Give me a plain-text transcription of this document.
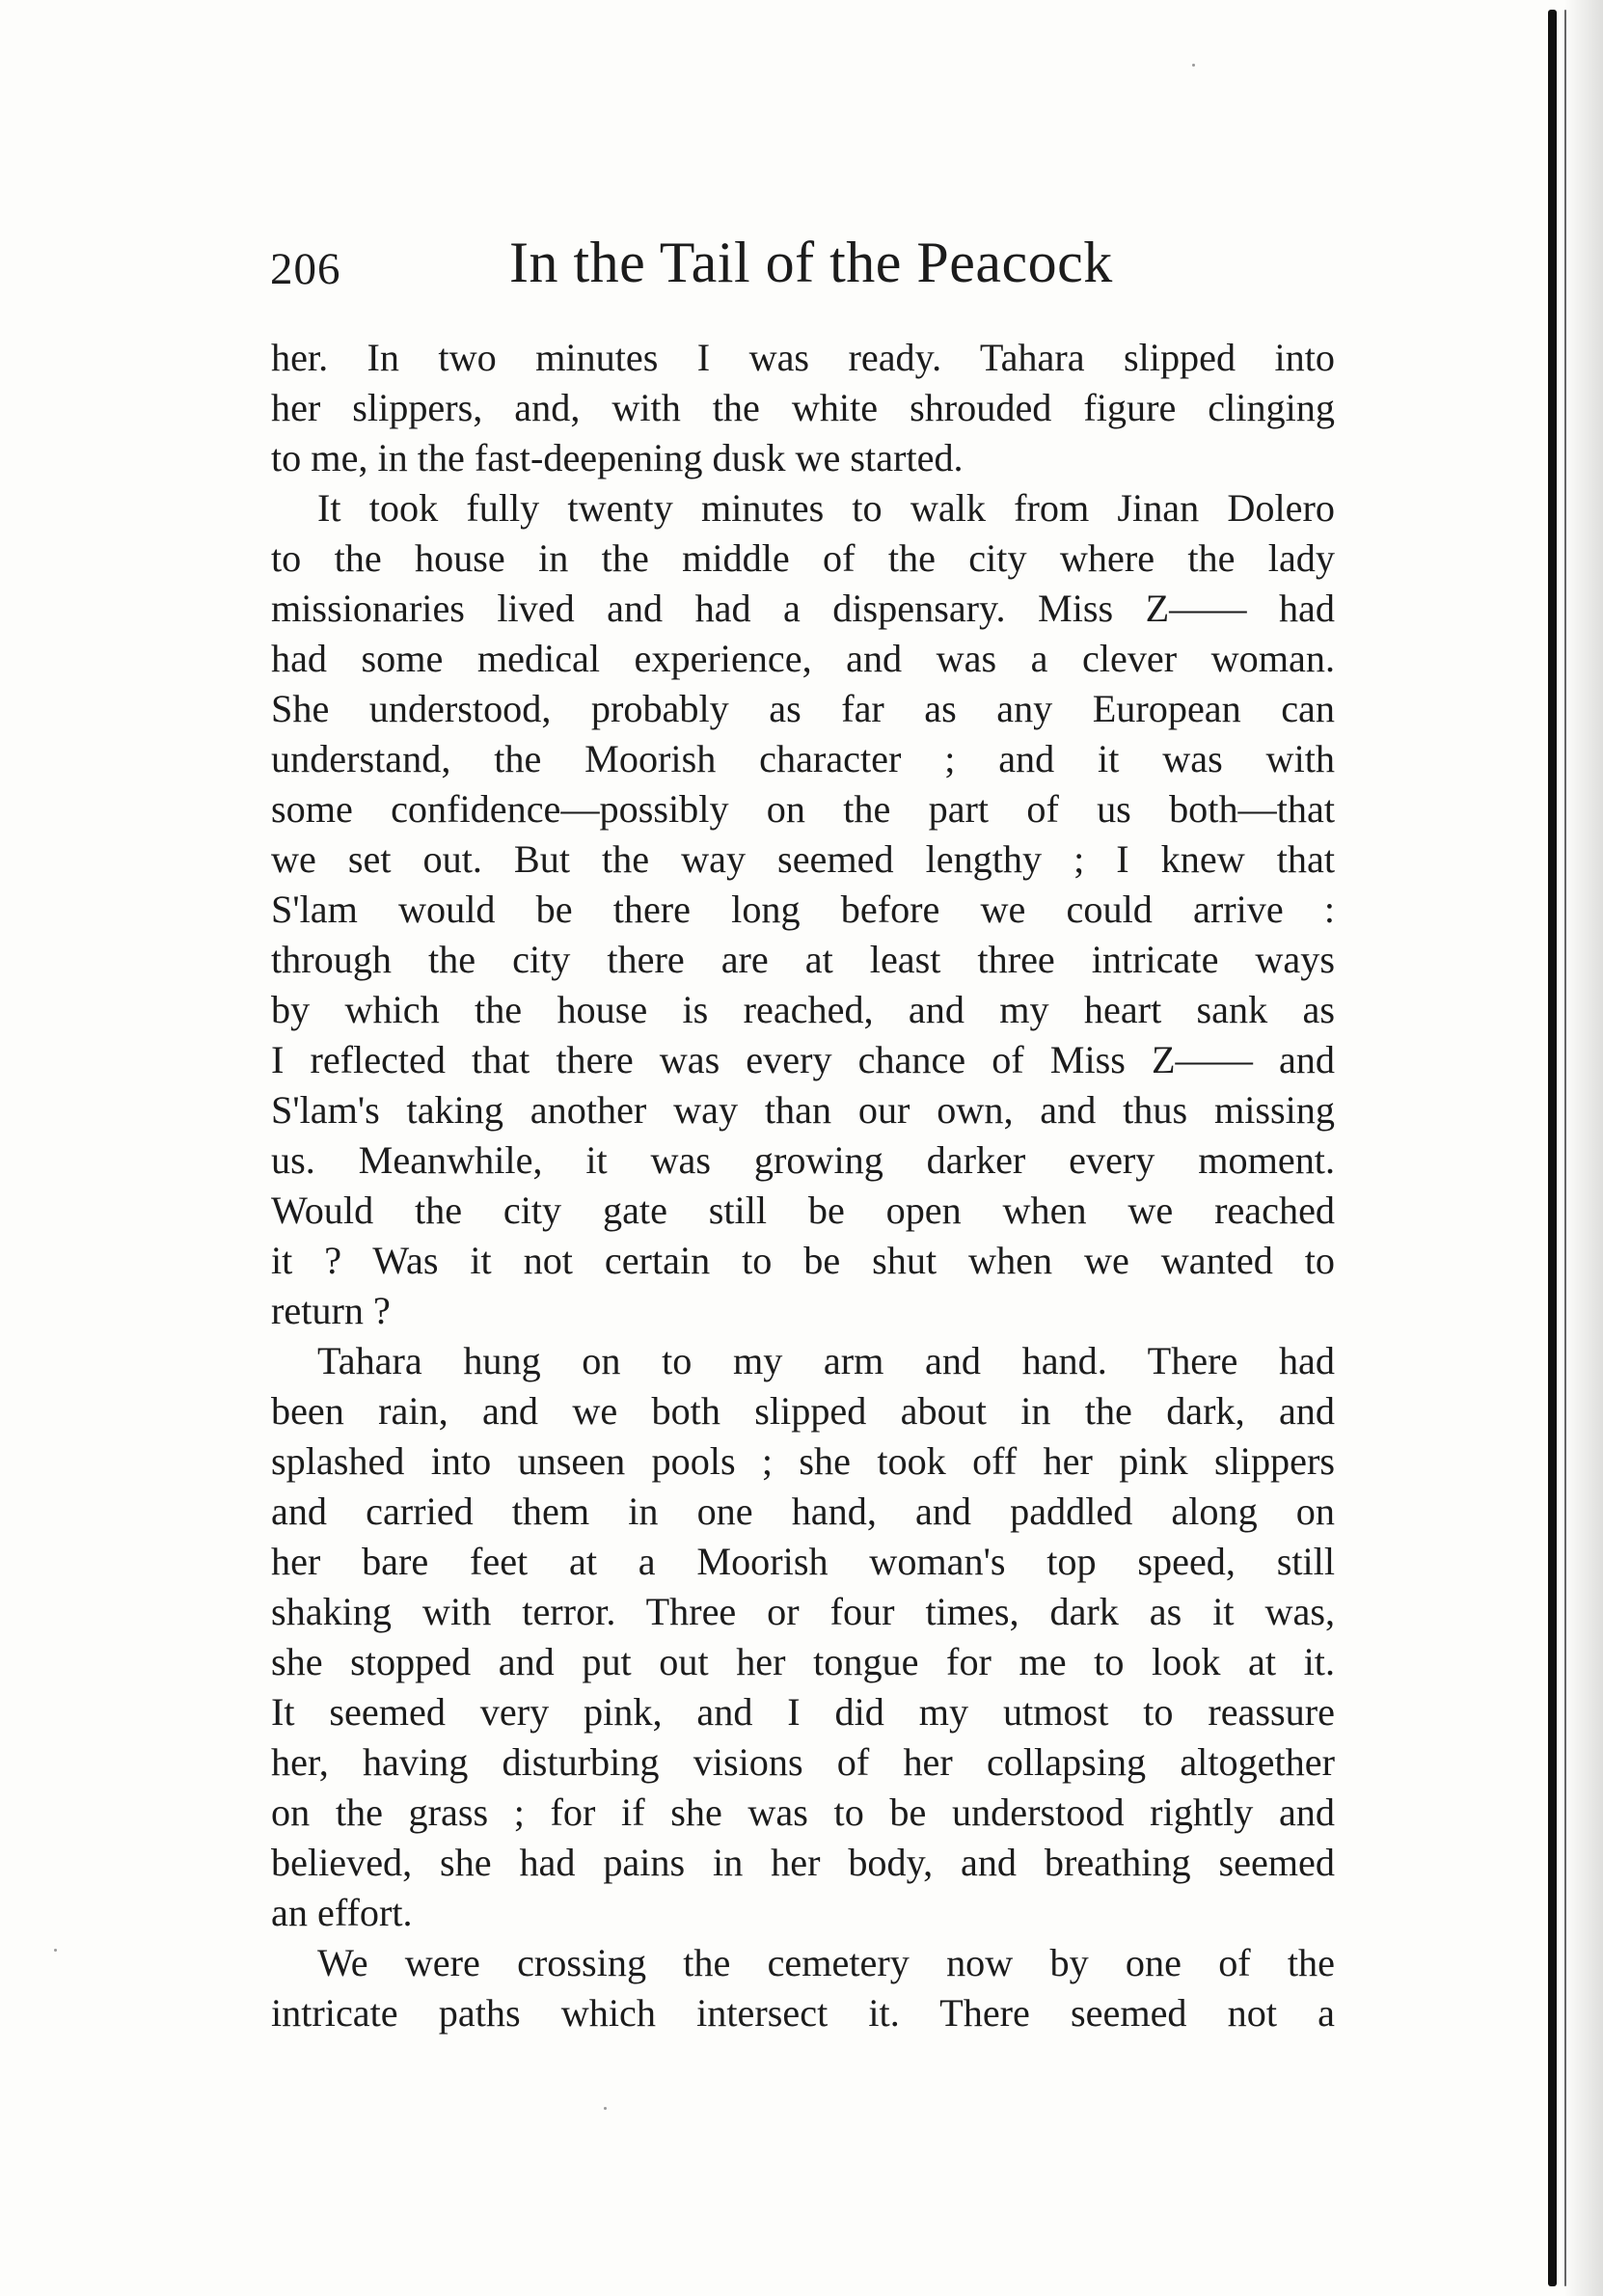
206	In the Tail of the Peacock

her. In two minutes I was ready. Tahara slipped into

her slippers, and, with the white shrouded figure clinging

to me, in the fast-deepening dusk we started.

It took fully twenty minutes to walk from Jinan Dolero

to the house in the middle of the city where the lady

missionaries lived and had a dispensary. Miss Z—— had

had some medical experience, and was a clever woman.

She understood, probably as far as any European can

understand, the Moorish character ; and it was with

some confidence—possibly on the part of us both—that

we set out. But the way seemed lengthy ; I knew that

S'lam would be there long before we could arrive :

through the city there are at least three intricate ways

by which the house is reached, and my heart sank as

I reflected that there was every chance of Miss Z—— and

S'lam's taking another way than our own, and thus missing

us. Meanwhile, it was growing darker every moment.

Would the city gate still be open when we reached

it ? Was it not certain to be shut when we wanted to

return ?

Tahara hung on to my arm and hand. There had

been rain, and we both slipped about in the dark, and

splashed into unseen pools ; she took off her pink slippers

and carried them in one hand, and paddled along on

her bare feet at a Moorish woman's top speed, still

shaking with terror. Three or four times, dark as it was,

she stopped and put out her tongue for me to look at it.

It seemed very pink, and I did my utmost to reassure

her, having disturbing visions of her collapsing altogether

on the grass ; for if she was to be understood rightly and

believed, she had pains in her body, and breathing seemed

an effort.

We were crossing the cemetery now by one of the

intricate paths which intersect it. There seemed not a
